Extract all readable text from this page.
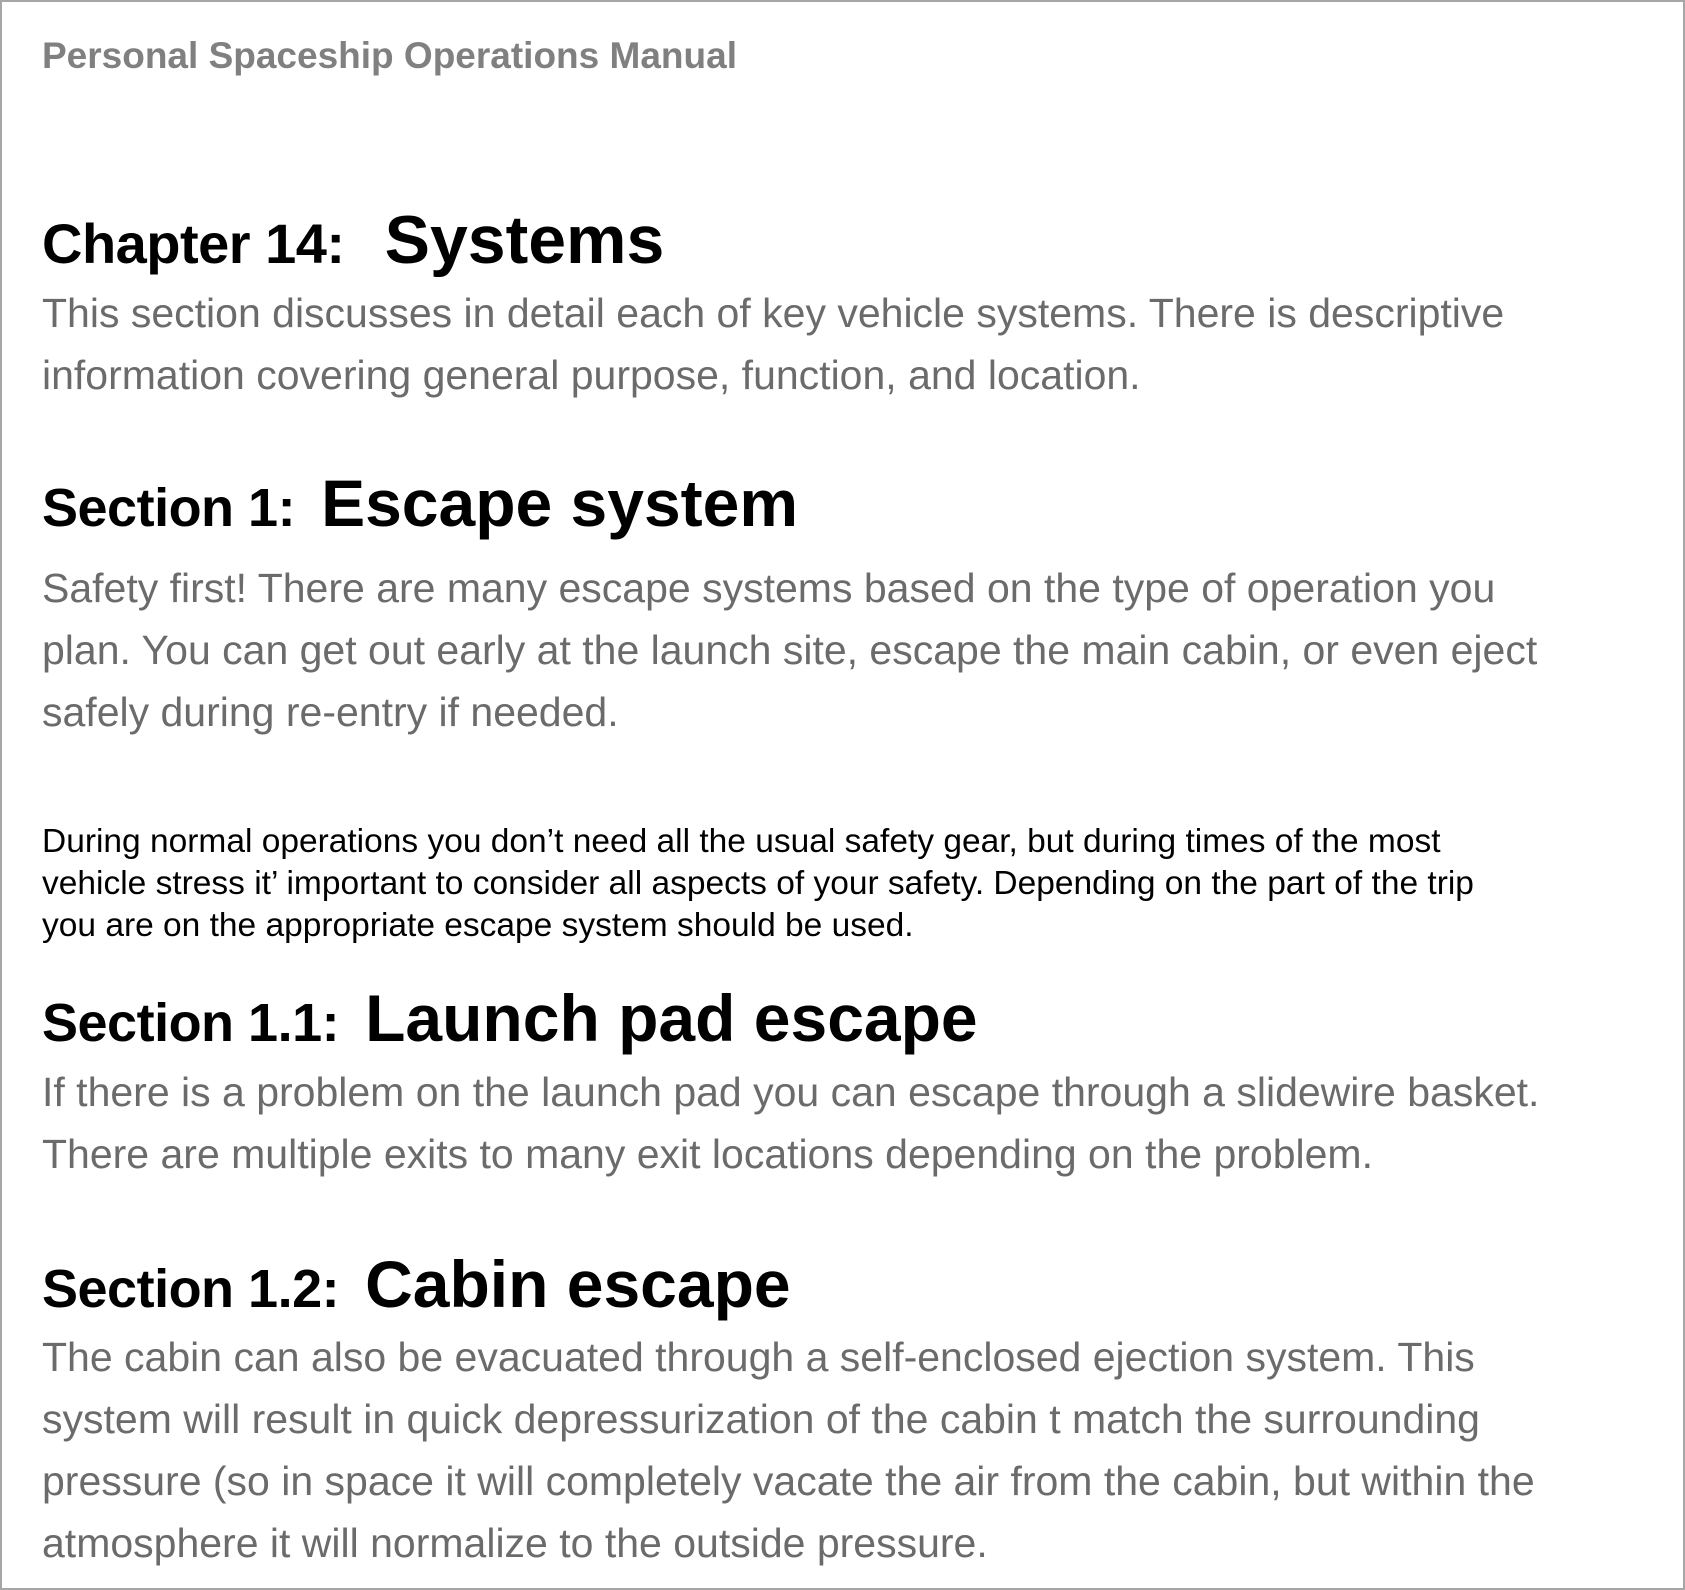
Personal Spaceship Operations Manual
Chapter 14: Systems
This section discusses in detail each of key vehicle systems. There is descriptive
information covering general purpose, function, and location.
Section 1: Escape system
Safety first! There are many escape systems based on the type of operation you
plan. You can get out early at the launch site, escape the main cabin, or even eject
safely during re-entry if needed.
During normal operations you don’t need all the usual safety gear, but during times of the most
vehicle stress it’ important to consider all aspects of your safety. Depending on the part of the trip
you are on the appropriate escape system should be used.
Section 1.1: Launch pad escape
If there is a problem on the launch pad you can escape through a slidewire basket.
There are multiple exits to many exit locations depending on the problem.
Section 1.2: Cabin escape
The cabin can also be evacuated through a self-enclosed ejection system. This
system will result in quick depressurization of the cabin t match the surrounding
pressure (so in space it will completely vacate the air from the cabin, but within the
atmosphere it will normalize to the outside pressure.
